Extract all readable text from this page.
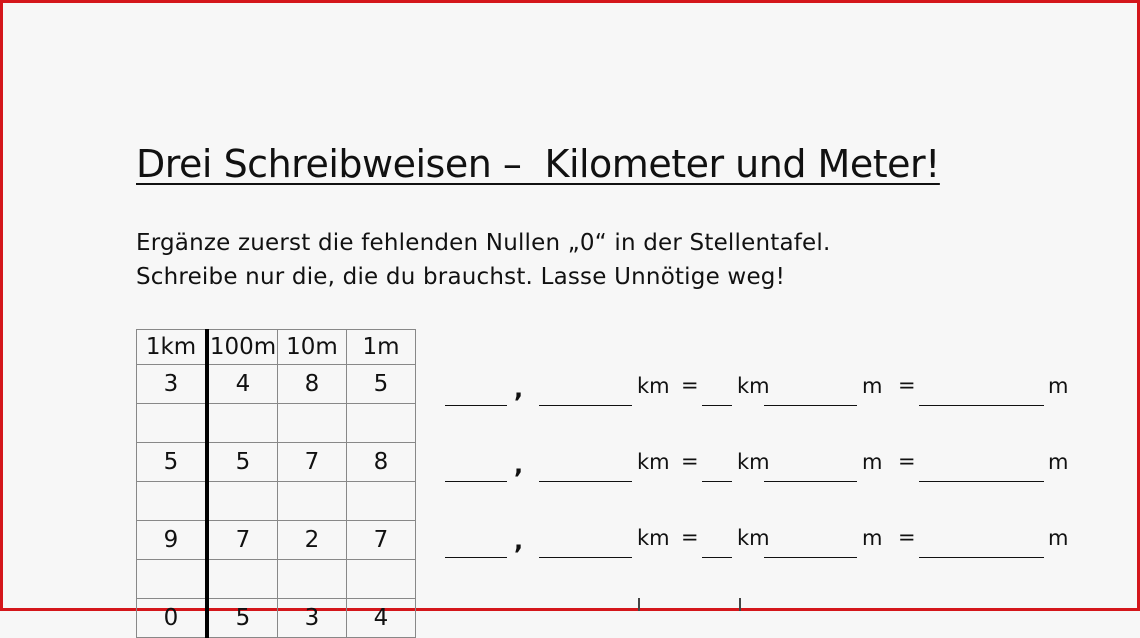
Drei Schreibweisen –  Kilometer und Meter!
Ergänze zuerst die fehlenden Nullen „0“ in der Stellentafel.
Schreibe nur die, die du brauchst. Lasse Unnötige weg!
1km	100m	10m	1m
3	4	8	5

5	5	7	8

9	7	2	7

0	5	3	4
,	km = km	m =	m
,	km = km	m =	m
,	km = km	m =	m
